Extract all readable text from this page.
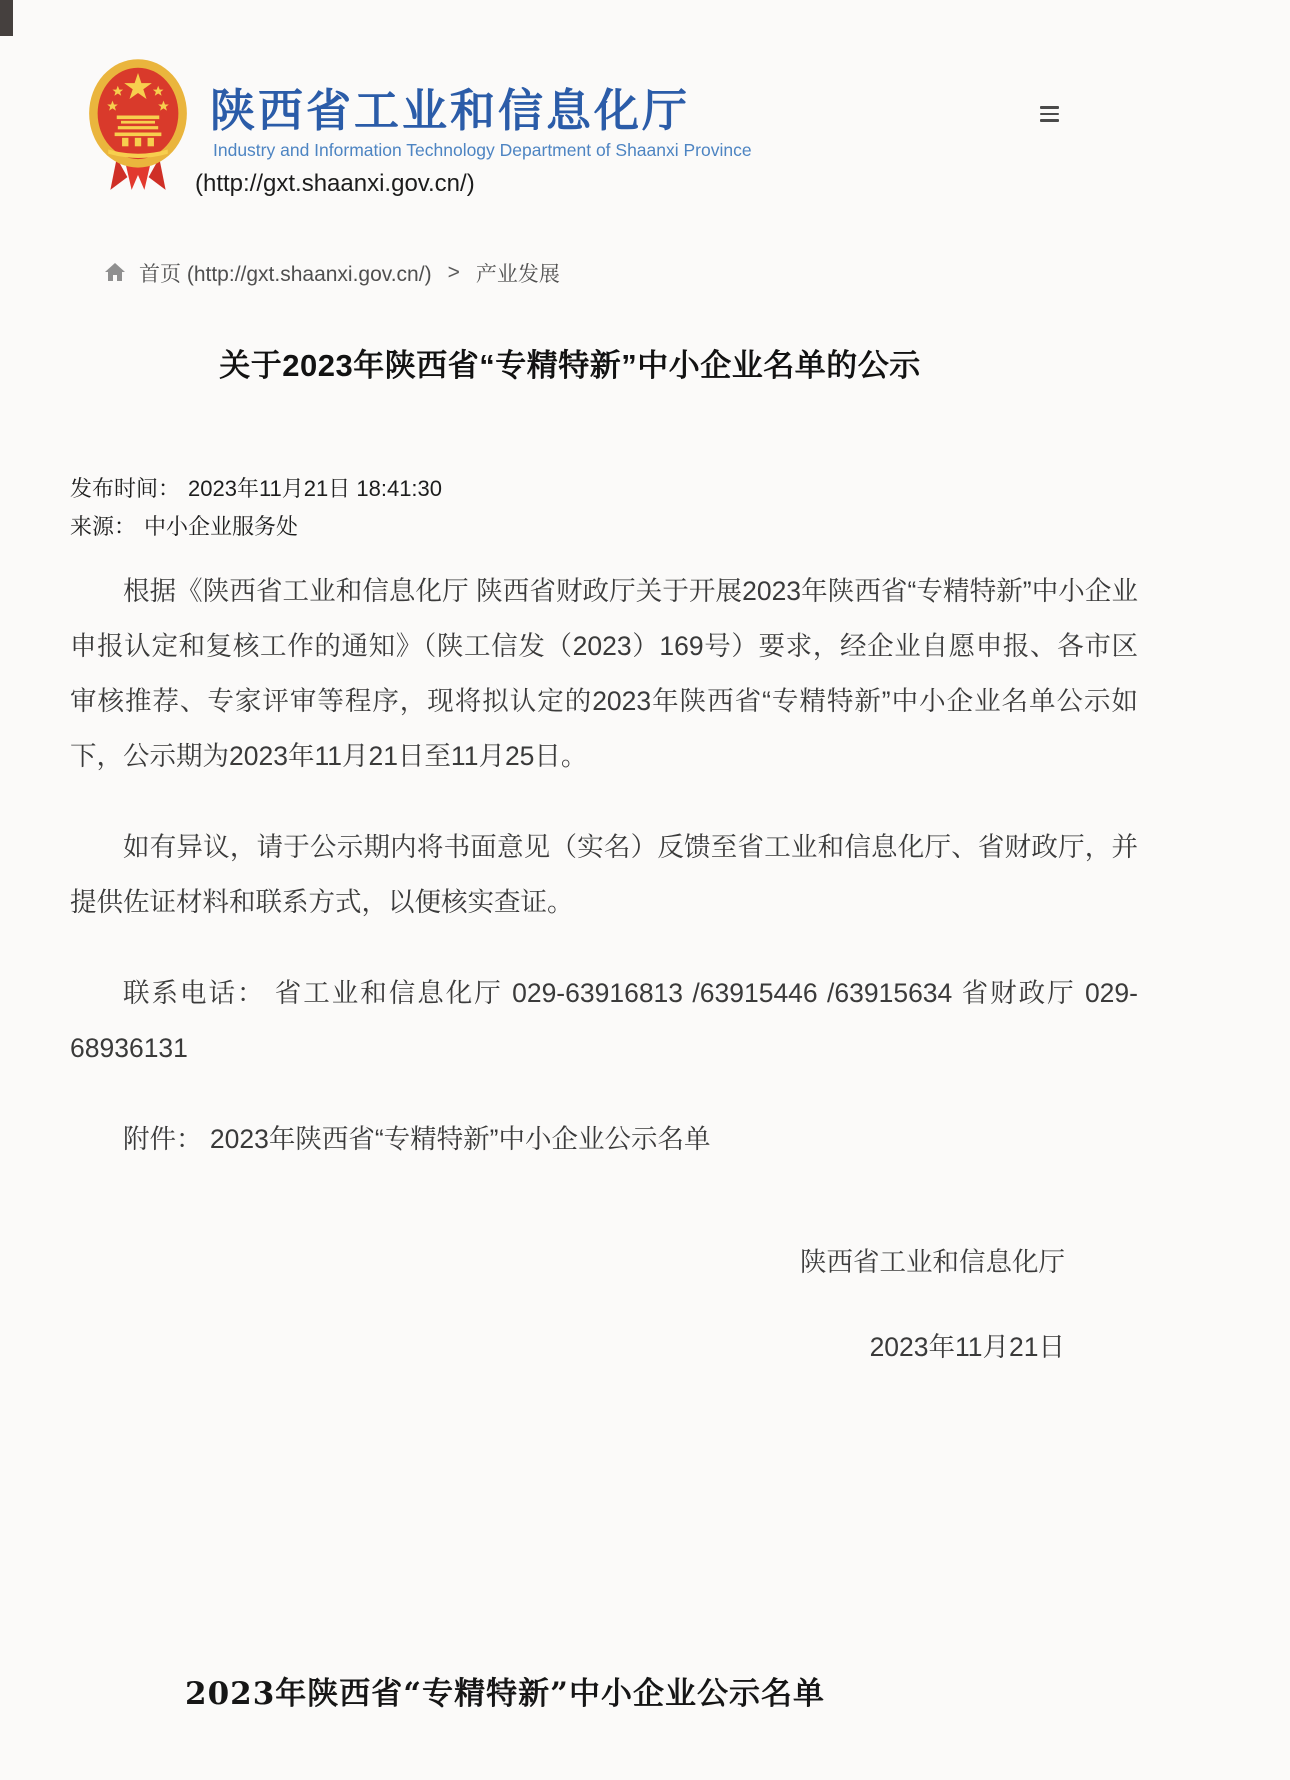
陕西省工业和信息化厅
Industry and Information Technology Department of Shaanxi Province
(http://gxt.shaanxi.gov.cn/)
首页 (http://gxt.shaanxi.gov.cn/) > 产业发展
关于2023年陕西省“专精特新”中小企业名单的公示
发布时间： 2023年11月21日 18:41:30
来源： 中小企业服务处

根据《陕西省工业和信息化厅 陕西省财政厅关于开展2023年陕西省“专精特新”中小企业申报认定和复核工作的通知》（陕工信发（2023）169号）要求，经企业自愿申报、各市区审核推荐、专家评审等程序，现将拟认定的2023年陕西省“专精特新”中小企业名单公示如下，公示期为2023年11月21日至11月25日。

如有异议，请于公示期内将书面意见（实名）反馈至省工业和信息化厅、省财政厅，并提供佐证材料和联系方式，以便核实查证。

联系电话： 省工业和信息化厅 029-63916813 /63915446 /63915634 省财政厅 029-68936131

附件： 2023年陕西省“专精特新”中小企业公示名单

陕西省工业和信息化厅
2023年11月21日
2023年陕西省“专精特新”中小企业公示名单
